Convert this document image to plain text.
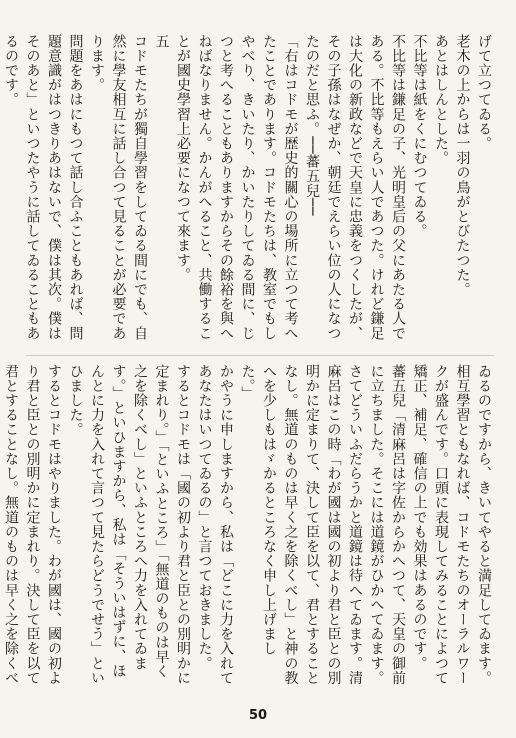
げて立つてゐる。
老木の上からは一羽の鳥がとびたつた。
あとはしんとした。
不比等は紙をくにむつてゐる。
不比等は鎌足の子、光明皇后の父にあたる人である。不比等もえらい人であつた。けれど鎌足は大化の新政などで天皇に忠義をつくしたが、その子孫はなぜか、朝廷でえらい位の人になつたのだと思ふ。──蕃五兒──
「右はコドモが歴史的關心の場所に立つて考へたことであります。コドモたちは、教室でもしやべり、きいたり、かいたりしてゐる間に、じつと考へることもありますからその餘裕を與へねばなりません。かんがへること、共働することが國史學習上必要になつて來ます。
五
コドモたちが獨自學習をしてゐる間にでも、自然に學友相互に話し合つて見ることが必要であります。
問題をあはにもつて話し合ふこともあれば、問題意識がはつきりあはないで、僕は其次。僕はそのあと」といつたやうに話してゐることもあるのです。

ゐるのですから、きいてやると満足してゐます。
相互學習ともなれば、コドモたちのオーラルワークが盛んです。口頭に表現してみることによつて矯正、補足、確信の上でも効果はあるのです。
蕃五兒「清麻呂は字佐からかへつて、天皇の御前に立ちました。そこには道鏡がひかへてゐます。さてどういふだらうかと道鏡は待へてゐます。清麻呂はこの時「わが國は國の初より君と臣との別明かに定まりて、決して臣を以て、君とすることなし。無道のものは早く之を除くべし」と神の教へを少しもはゞかるところなく申し上げました。」
かやうに申しますから、私は「どこに力を入れてあなたはいつてゐるの」と言つておきました。
するとコドモは「國の初より君と臣との別明かに定まれり。」「といふところ」「無道のものは早く之を除くべし」といふところへ力を入れてゐます。」といひますから、私は「そういはずに、ほんとに力を入れて言つて見たらどうでせう」といひました。
するとコドモはやりました。わが國は、國の初より君と臣との別明かに定まれり。決して臣を以て君とすることなし。無道のものは早く之を除くべ

50
